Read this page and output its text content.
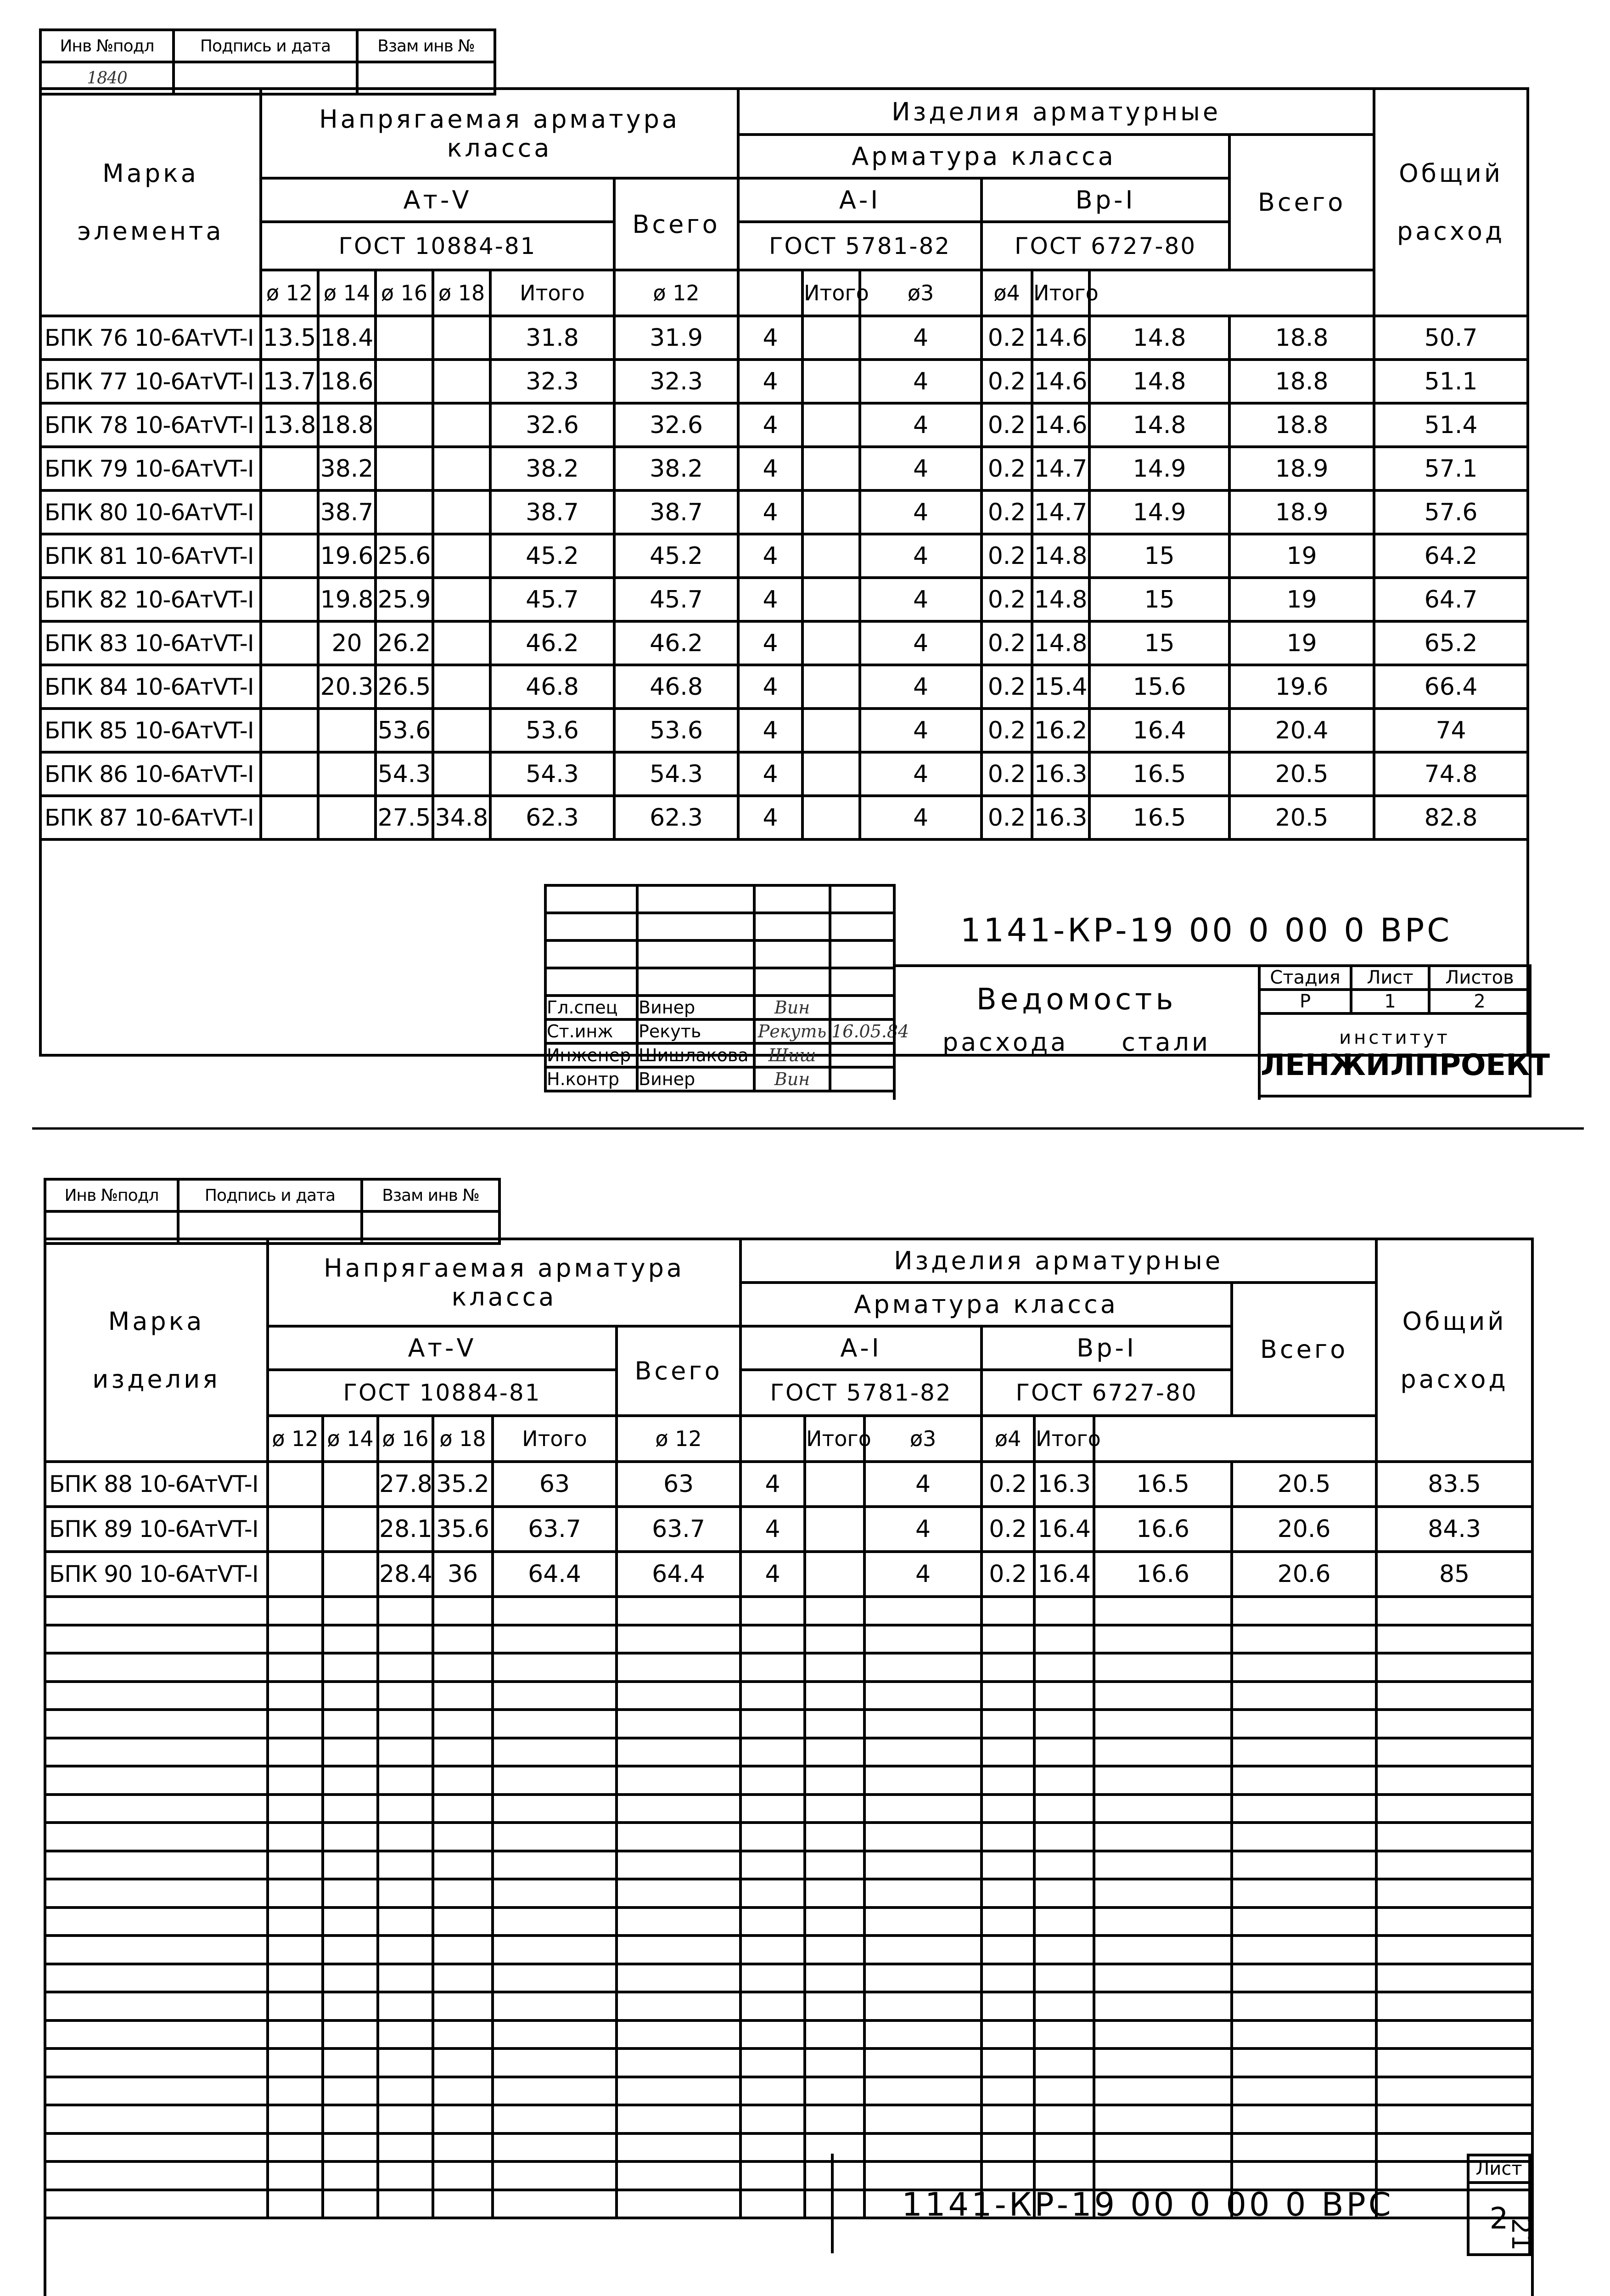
Инв №подл	Подпись и дата	Взам инв №
1840		
Марка

элемента	Напрягаемая арматура класса						Изделия арматурные							Общий

расход
							Арматура класса						Всего	
	Ат-V					Всего	А-I			Вр-I				
	ГОСТ 10884-81						ГОСТ 5781-82			ГОСТ 6727-80				
	ø 12	ø 14	ø 16	ø 18	Итого	ø 12		Итого	ø3	ø4	Итого			
БПК 76 10-6АтVT-I	13.5	18.4			31.8	31.9	4		4	0.2	14.6	14.8	18.8	50.7
БПК 77 10-6АтVT-I	13.7	18.6			32.3	32.3	4		4	0.2	14.6	14.8	18.8	51.1
БПК 78 10-6АтVT-I	13.8	18.8			32.6	32.6	4		4	0.2	14.6	14.8	18.8	51.4
БПК 79 10-6АтVT-I		38.2			38.2	38.2	4		4	0.2	14.7	14.9	18.9	57.1
БПК 80 10-6АтVT-I		38.7			38.7	38.7	4		4	0.2	14.7	14.9	18.9	57.6
БПК 81 10-6АтVT-I		19.6	25.6		45.2	45.2	4		4	0.2	14.8	15	19	64.2
БПК 82 10-6АтVT-I		19.8	25.9		45.7	45.7	4		4	0.2	14.8	15	19	64.7
БПК 83 10-6АтVT-I		20	26.2		46.2	46.2	4		4	0.2	14.8	15	19	65.2
БПК 84 10-6АтVT-I		20.3	26.5		46.8	46.8	4		4	0.2	15.4	15.6	19.6	66.4
БПК 85 10-6АтVT-I			53.6		53.6	53.6	4		4	0.2	16.2	16.4	20.4	74
БПК 86 10-6АтVT-I			54.3		54.3	54.3	4		4	0.2	16.3	16.5	20.5	74.8
БПК 87 10-6АтVT-I			27.5	34.8	62.3	62.3	4		4	0.2	16.3	16.5	20.5	82.8

Гл.спец	Винер	Вин	
Ст.инж	Рекуть	Рекуть	16.05.84
Инженер	Шишлакова	Шиш	
Н.контр	Винер	Вин	
1141-КР-19 00 0 00 0 ВРС
Ведомость
расхода стали
Стадия	Лист	Листов
Р	1	2

институт
ЛЕНЖИЛПРОЕКТ		
Инв №подл	Подпись и дата	Взам инв №

Марка

изделия	Напрягаемая арматура класса						Изделия арматурные							Общий

расход
							Арматура класса						Всего	
	Ат-V					Всего	А-I			Вр-I				
	ГОСТ 10884-81						ГОСТ 5781-82			ГОСТ 6727-80				
	ø 12	ø 14	ø 16	ø 18	Итого	ø 12		Итого	ø3	ø4	Итого			
БПК 88 10-6АтVT-I			27.8	35.2	63	63	4		4	0.2	16.3	16.5	20.5	83.5
БПК 89 10-6АтVT-I			28.1	35.6	63.7	63.7	4		4	0.2	16.4	16.6	20.6	84.3
БПК 90 10-6АтVT-I			28.4	36	64.4	64.4	4		4	0.2	16.4	16.6	20.6	85

1141-КР-19 00 0 00 0 ВРС
Лист
2
21
